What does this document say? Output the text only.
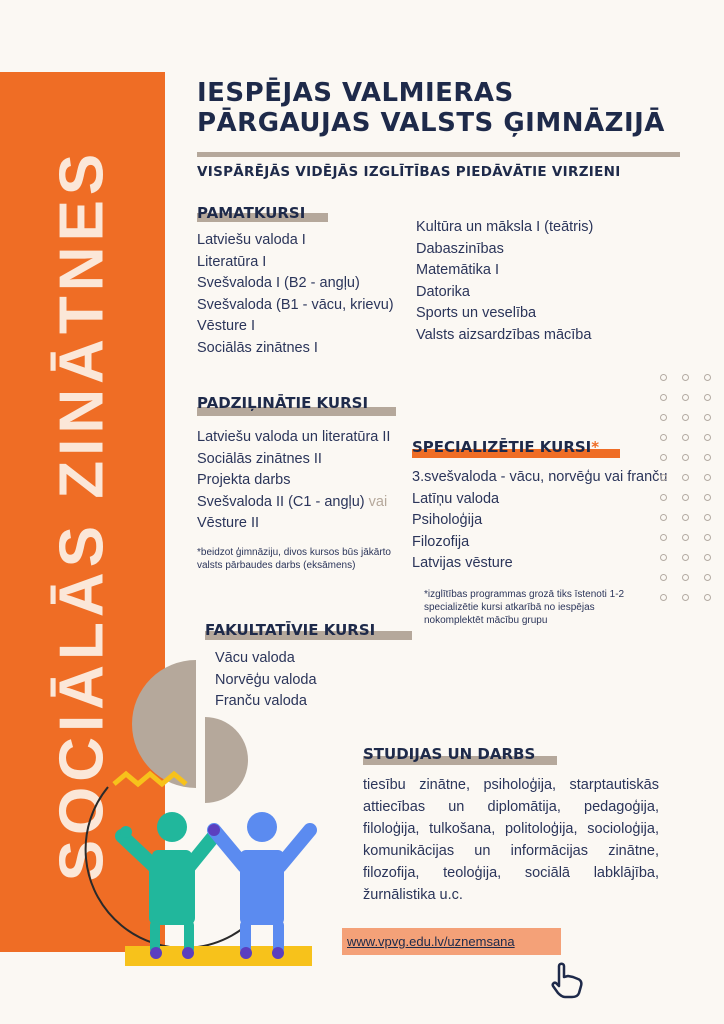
SOCIĀLĀS ZINĀTNES
IESPĒJAS VALMIERAS
PĀRGAUJAS VALSTS ĢIMNĀZIJĀ
VISPĀRĒJĀS VIDĒJĀS IZGLĪTĪBAS PIEDĀVĀTIE VIRZIENI
PAMATKURSI
Latviešu valoda I
Literatūra I
Svešvaloda I (B2 - angļu)
Svešvaloda (B1 - vācu, krievu)
Vēsture I
Sociālās zinātnes I
Kultūra un māksla I (teātris)
Dabaszinības
Matemātika I
Datorika
Sports un veselība
Valsts aizsardzības mācība
PADZIĻINĀTIE KURSI
Latviešu valoda un literatūra II
Sociālās zinātnes II
Projekta darbs
Svešvaloda II (C1 - angļu) vai
Vēsture II
*beidzot ģimnāziju, divos kursos būs jākārto
valsts pārbaudes darbs (eksāmens)
SPECIALIZĒTIE KURSI*
3.svešvaloda - vācu, norvēģu vai franču
Latīņu valoda
Psiholoģija
Filozofija
Latvijas vēsture
*izglītības programmas grozā tiks īstenoti 1-2
specializētie kursi atkarībā no iespējas
nokomplektēt mācību grupu
FAKULTATĪVIE KURSI
Vācu valoda
Norvēģu valoda
Franču valoda
STUDIJAS UN DARBS
tiesību zinātne, psiholoģija, starptautiskās attiecības un diplomātija, pedagoģija, filoloģija, tulkošana, politoloģija, socioloģija, komunikācijas un informācijas zinātne, filozofija, teoloģija, sociālā labklājība, žurnālistika u.c.
www.vpvg.edu.lv/uznemsana
